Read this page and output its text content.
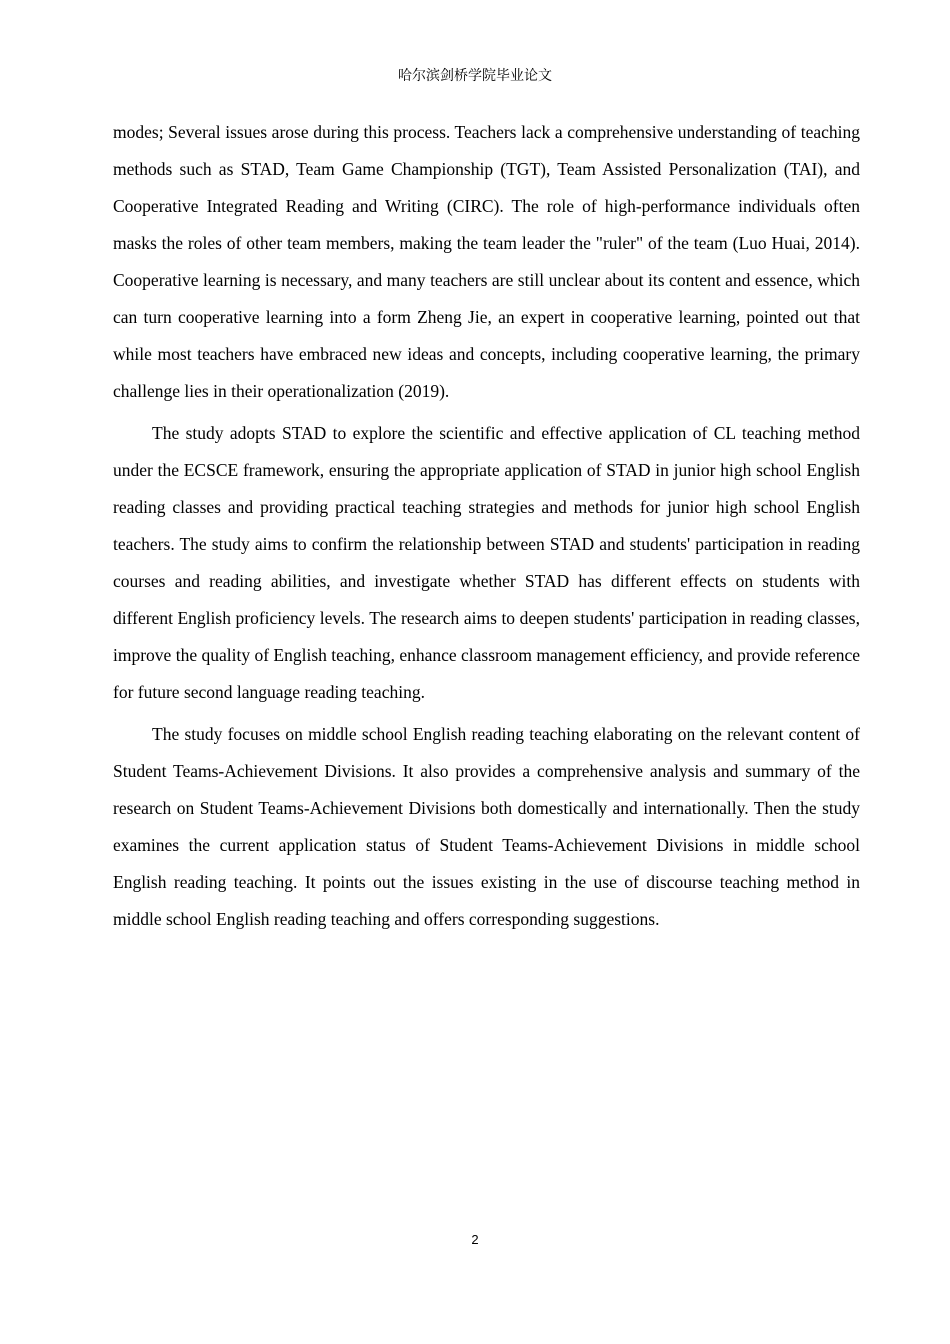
哈尔滨剑桥学院毕业论文

modes; Several issues arose during this process. Teachers lack a comprehensive understanding of teaching methods such as STAD, Team Game Championship (TGT), Team Assisted Personalization (TAI), and Cooperative Integrated Reading and Writing (CIRC). The role of high-performance individuals often masks the roles of other team members, making the team leader the "ruler" of the team (Luo Huai, 2014). Cooperative learning is necessary, and many teachers are still unclear about its content and essence, which can turn cooperative learning into a form Zheng Jie, an expert in cooperative learning, pointed out that while most teachers have embraced new ideas and concepts, including cooperative learning, the primary challenge lies in their operationalization (2019).

The study adopts STAD to explore the scientific and effective application of CL teaching method under the ECSCE framework, ensuring the appropriate application of STAD in junior high school English reading classes and providing practical teaching strategies and methods for junior high school English teachers. The study aims to confirm the relationship between STAD and students' participation in reading courses and reading abilities, and investigate whether STAD has different effects on students with different English proficiency levels. The research aims to deepen students' participation in reading classes, improve the quality of English teaching, enhance classroom management efficiency, and provide reference for future second language reading teaching.

The study focuses on middle school English reading teaching elaborating on the relevant content of Student Teams-Achievement Divisions. It also provides a comprehensive analysis and summary of the research on Student Teams-Achievement Divisions both domestically and internationally. Then the study examines the current application status of Student Teams-Achievement Divisions in middle school English reading teaching. It points out the issues existing in the use of discourse teaching method in middle school English reading teaching and offers corresponding suggestions.

2
